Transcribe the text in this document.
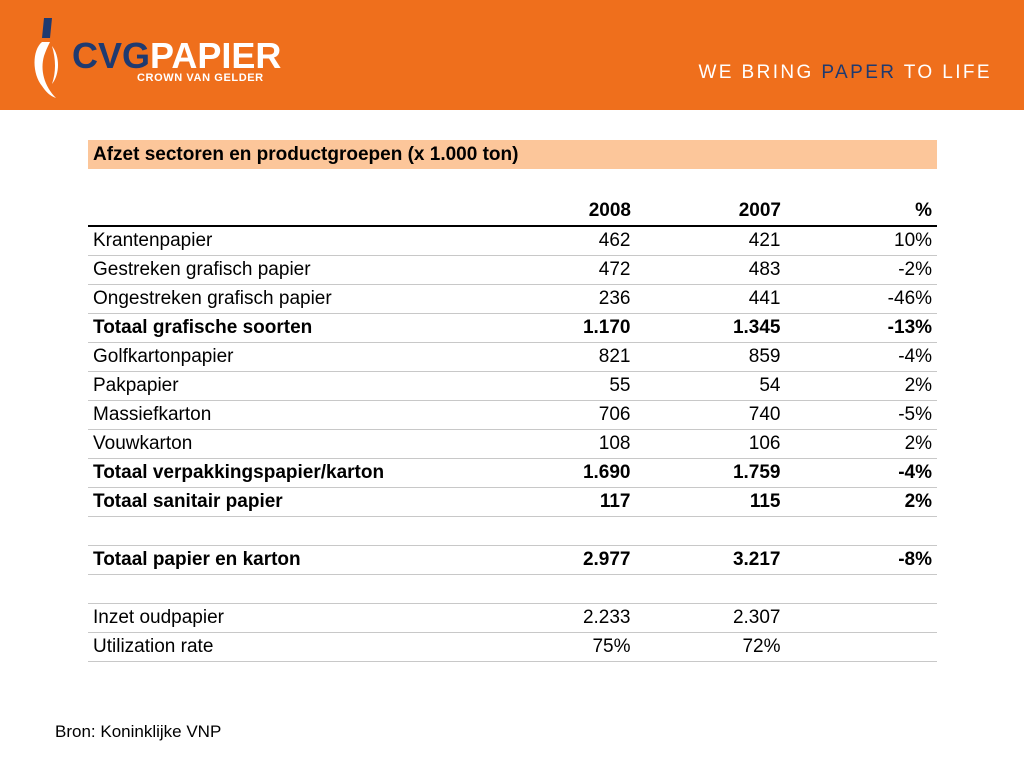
CVGPAPIER
CROWN VAN GELDER	WE BRING PAPER TO LIFE
Afzet sectoren en productgroepen (x 1.000 ton)			

	2008	2007	%
Krantenpapier	462	421	10%
Gestreken grafisch papier	472	483	-2%
Ongestreken grafisch papier	236	441	-46%
Totaal grafische soorten	1.170	1.345	-13%
Golfkartonpapier	821	859	-4%
Pakpapier	55	54	2%
Massiefkarton	706	740	-5%
Vouwkarton	108	106	2%
Totaal verpakkingspapier/karton	1.690	1.759	-4%
Totaal sanitair papier	117	115	2%

Totaal papier en karton	2.977	3.217	-8%

Inzet oudpapier	2.233	2.307	
Utilization rate	75%	72%	
Bron: Koninklijke VNP
